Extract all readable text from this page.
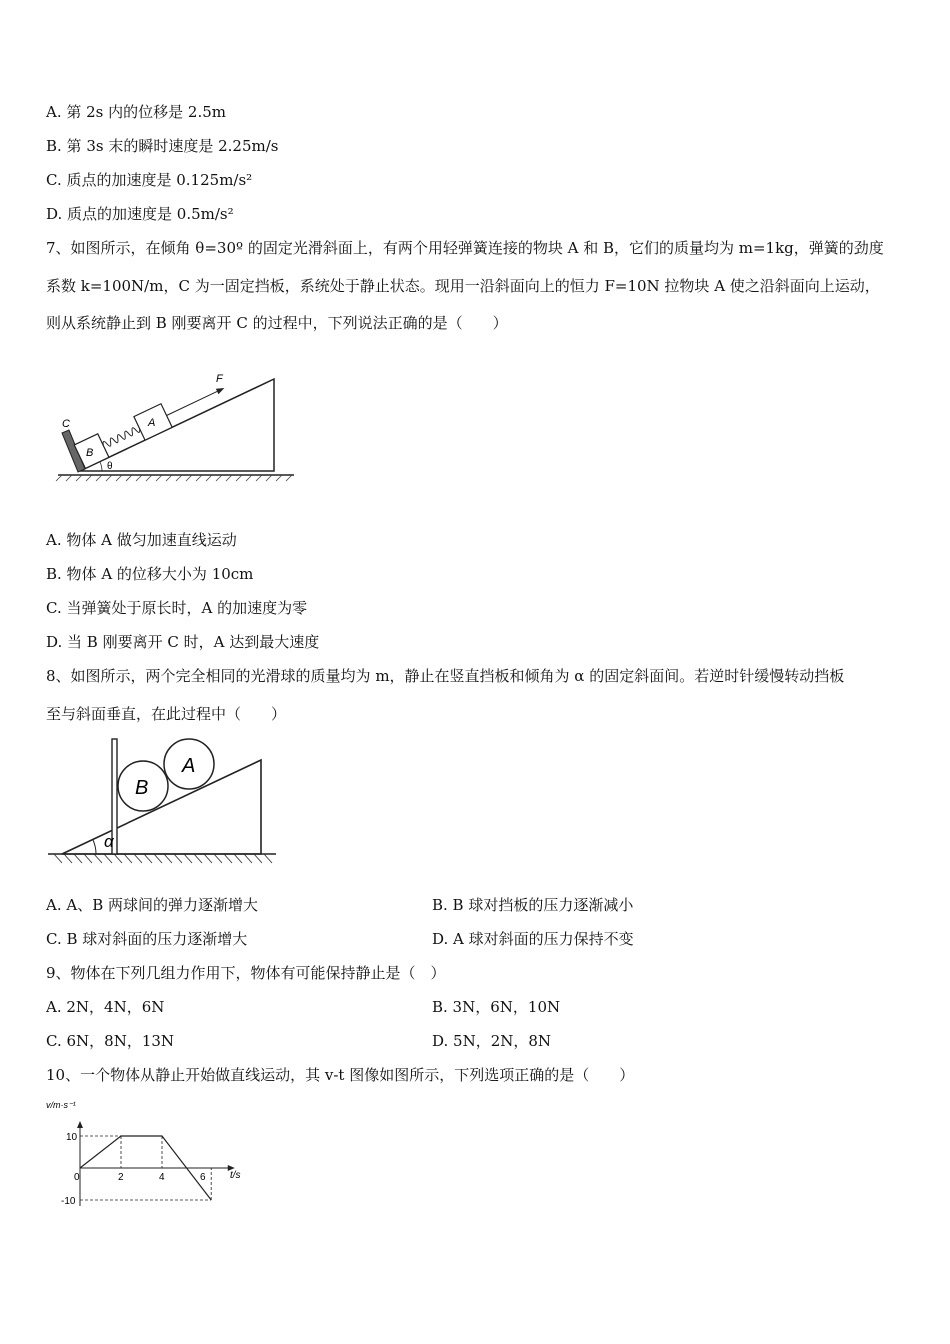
A. 第 2s 内的位移是 2.5m
B. 第 3s 末的瞬时速度是 2.25m/s
C. 质点的加速度是 0.125m/s²
D. 质点的加速度是 0.5m/s²
7、如图所示，在倾角 θ=30º 的固定光滑斜面上，有两个用轻弹簧连接的物块 A 和 B，它们的质量均为 m=1kg，弹簧的劲度
系数 k=100N/m，C 为一固定挡板，系统处于静止状态。现用一沿斜面向上的恒力 F=10N 拉物块 A 使之沿斜面向上运动，
则从系统静止到 B 刚要离开 C 的过程中，下列说法正确的是（　　）
C
B
A
F
θ
A. 物体 A 做匀加速直线运动
B. 物体 A 的位移大小为 10cm
C. 当弹簧处于原长时，A 的加速度为零
D. 当 B 刚要离开 C 时，A 达到最大速度
8、如图所示，两个完全相同的光滑球的质量均为 m，静止在竖直挡板和倾角为 α 的固定斜面间。若逆时针缓慢转动挡板
至与斜面垂直，在此过程中（　　）
B
A
α
A. A、B 两球间的弹力逐渐增大	B. B 球对挡板的压力逐渐减小
C. B 球对斜面的压力逐渐增大	D. A 球对斜面的压力保持不变
9、物体在下列几组力作用下，物体有可能保持静止是（　）
A. 2N，4N，6N	B. 3N，6N，10N
C. 6N，8N，13N	D. 5N，2N，8N
10、一个物体从静止开始做直线运动，其 v-t 图像如图所示，下列选项正确的是（　　）
v/m·s⁻¹
t/s
0	2	4	6
10
-10
